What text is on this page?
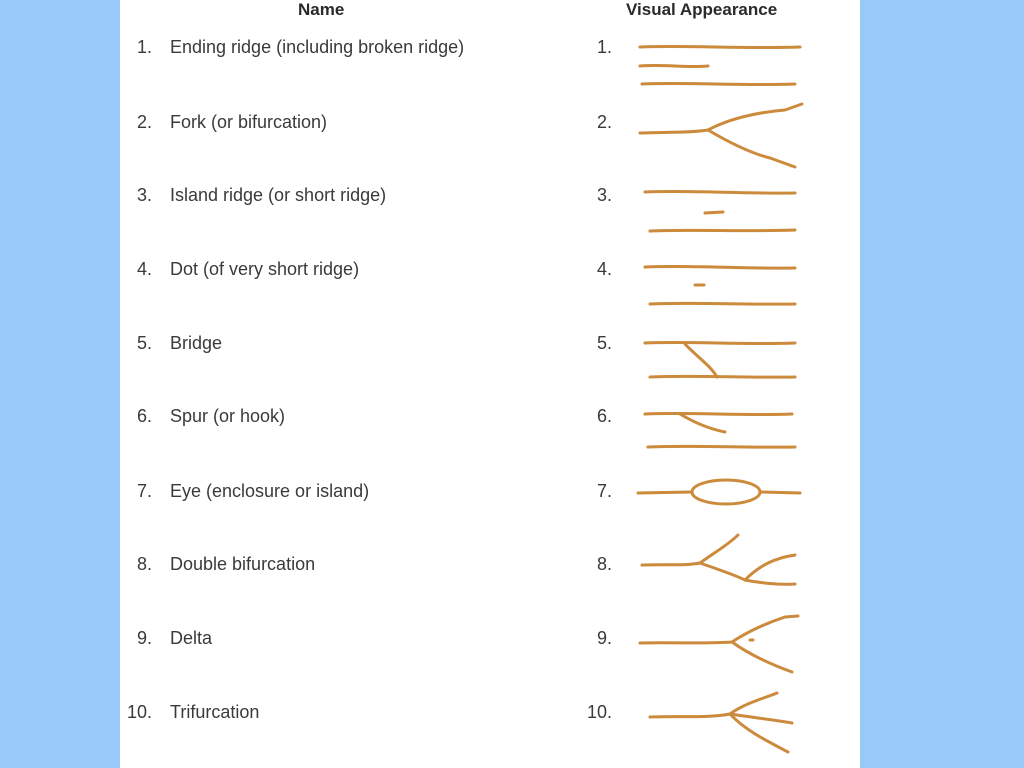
Name	Visual Appearance
1. Ending ridge (including broken ridge)	1.
2. Fork (or bifurcation)	2.
3. Island ridge (or short ridge)	3.
4. Dot (of very short ridge)	4.
5. Bridge	5.
6. Spur (or hook)	6.
7. Eye (enclosure or island)	7.
8. Double bifurcation	8.
9. Delta	9.
10. Trifurcation	10.
